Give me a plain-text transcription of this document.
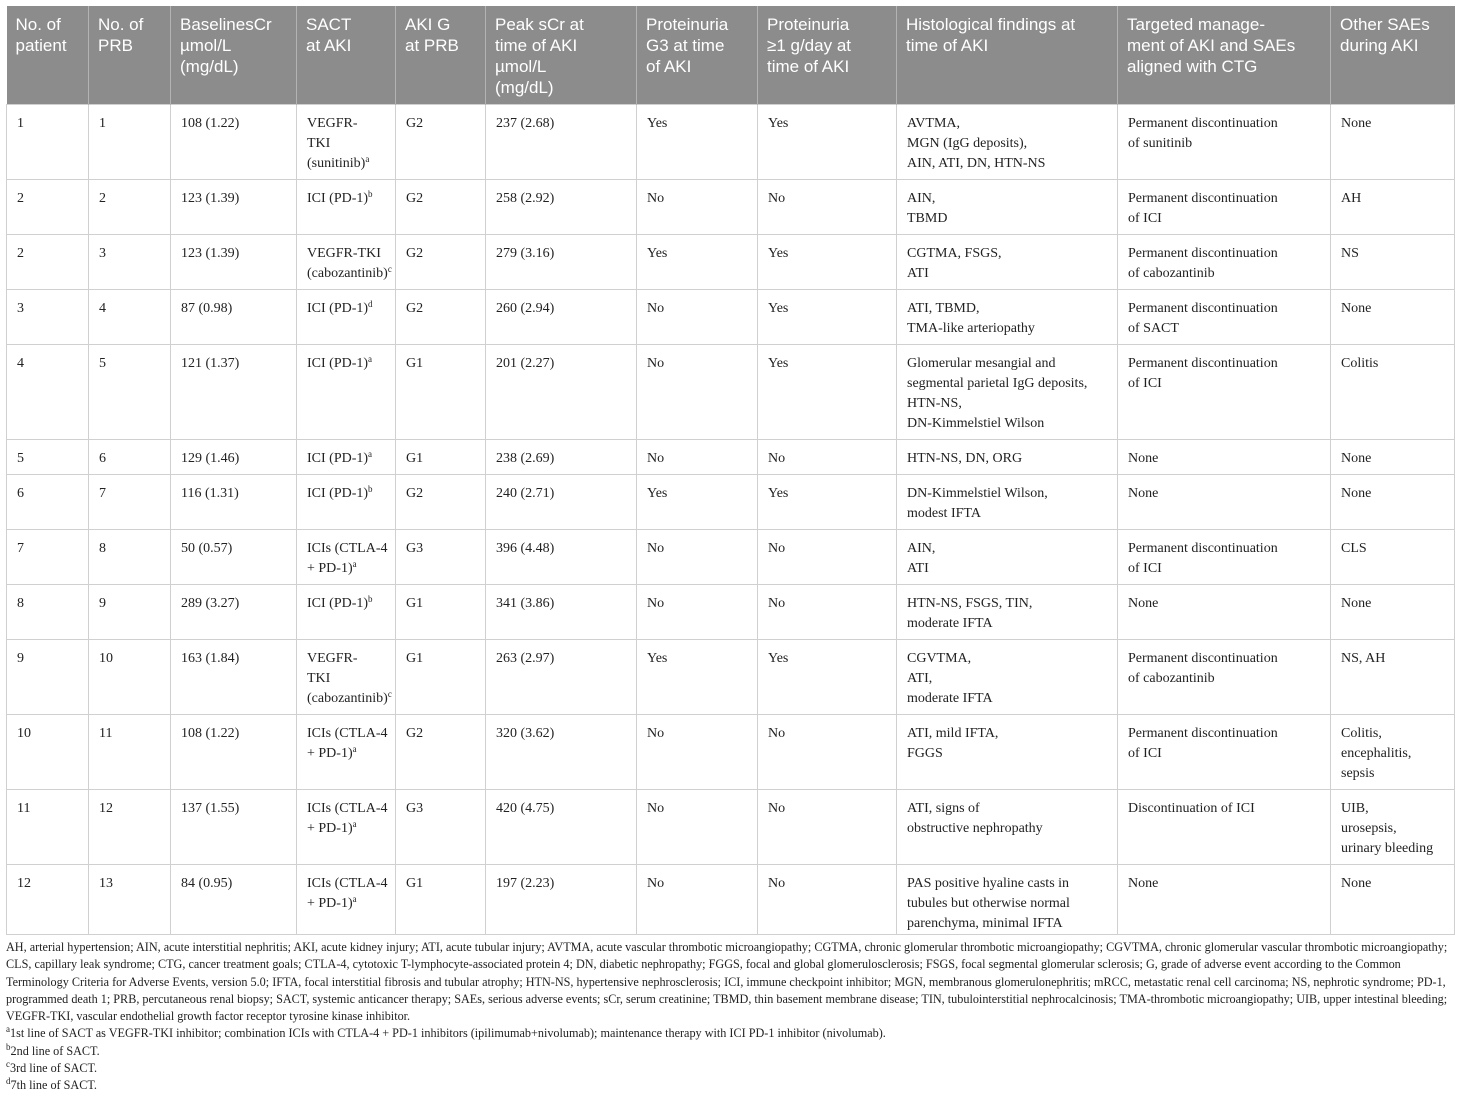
No. of
patient	No. of
PRB	BaselinesCr
µmol/L
(mg/dL)	SACT
at AKI	AKI G
at PRB	Peak sCr at
time of AKI
µmol/L
(mg/dL)	Proteinuria
G3 at time
of AKI	Proteinuria
≥1 g/day at
time of AKI	Histological findings at
time of AKI	Targeted manage-
ment of AKI and SAEs
aligned with CTG	Other SAEs
during AKI

1	1	108 (1.22)	VEGFR-
TKI
(sunitinib)$^a$	G2	237 (2.68)	Yes	Yes	AVTMA,
MGN (IgG deposits),
AIN, ATI, DN, HTN-NS	Permanent discontinuation
of sunitinib	None

2	2	123 (1.39)	ICI $(PD-1)^b$	G2	258 (2.92)	No	No	AIN,
TBMD	Permanent discontinuation
of ICI	AH

2	3	123 (1.39)	VEGFR-TKI
(cabozantinib)$^c$	G2	279 (3.16)	Yes	Yes	CGTMA, FSGS,
ATI	Permanent discontinuation
of cabozantinib	NS

3	4	87 (0.98)	ICI $(PD-1)^d$	G2	260 (2.94)	No	Yes	ATI, TBMD,
TMA-like arteriopathy	Permanent discontinuation
of SACT	None

4	5	121 (1.37)	ICI $(PD-1)^a$	G1	201 (2.27)	No	Yes	Glomerular mesangial and
segmental parietal IgG deposits,
HTN-NS,
DN-Kimmelstiel Wilson	Permanent discontinuation
of ICI	Colitis

5	6	129 (1.46)	ICI $(PD-1)^a$	G1	238 (2.69)	No	No	HTN-NS, DN, ORG	None	None

6	7	116 (1.31)	ICI $(PD-1)^b$	G2	240 (2.71)	Yes	Yes	DN-Kimmelstiel Wilson,
modest IFTA	None	None

7	8	50 (0.57)	ICIs (CTLA-4
+ PD-1)$^a$	G3	396 (4.48)	No	No	AIN,
ATI	Permanent discontinuation
of ICI	CLS

8	9	289 (3.27)	ICI $(PD-1)^b$	G1	341 (3.86)	No	No	HTN-NS, FSGS, TIN,
moderate IFTA	None	None

9	10	163 (1.84)	VEGFR-
TKI
(cabozantinib)$^c$	G1	263 (2.97)	Yes	Yes	CGVTMA,
ATI,
moderate IFTA	Permanent discontinuation
of cabozantinib	NS, AH

10	11	108 (1.22)	ICIs (CTLA-4
+ PD-1)$^a$	G2	320 (3.62)	No	No	ATI, mild IFTA,
FGGS	Permanent discontinuation
of ICI	Colitis,
encephalitis,
sepsis

11	12	137 (1.55)	ICIs (CTLA-4
+ PD-1)$^a$	G3	420 (4.75)	No	No	ATI, signs of
obstructive nephropathy	Discontinuation of ICI	UIB,
urosepsis,
urinary bleeding

12	13	84 (0.95)	ICIs (CTLA-4
+ PD-1)$^a$	G1	197 (2.23)	No	No	PAS positive hyaline casts in
tubules but otherwise normal
parenchyma, minimal IFTA	None	None

AH, arterial hypertension; AIN, acute interstitial nephritis; AKI, acute kidney injury; ATI, acute tubular injury; AVTMA, acute vascular thrombotic microangiopathy; CGTMA, chronic glomerular thrombotic microangiopathy; CGVTMA, chronic glomerular vascular thrombotic microangiopathy; CLS, capillary leak syndrome; CTG, cancer treatment goals; CTLA-4, cytotoxic T-lymphocyte-associated protein 4; DN, diabetic nephropathy; FGGS, focal and global glomerulosclerosis; FSGS, focal segmental glomerular sclerosis; G, grade of adverse event according to the Common Terminology Criteria for Adverse Events, version 5.0; IFTA, focal interstitial fibrosis and tubular atrophy; HTN-NS, hypertensive nephrosclerosis; ICI, immune checkpoint inhibitor; MGN, membranous glomerulonephritis; mRCC, metastatic renal cell carcinoma; NS, nephrotic syndrome; PD-1, programmed death 1; PRB, percutaneous renal biopsy; SACT, systemic anticancer therapy; SAEs, serious adverse events; sCr, serum creatinine; TBMD, thin basement membrane disease; TIN, tubulointerstitial nephrocalcinosis; TMA-thrombotic microangiopathy; UIB, upper intestinal bleeding; VEGFR-TKI, vascular endothelial growth factor receptor tyrosine kinase inhibitor.

$^a$1st line of SACT as VEGFR-TKI inhibitor; combination ICIs with CTLA-4 + PD-1 inhibitors (ipilimumab+nivolumab); maintenance therapy with ICI PD-1 inhibitor (nivolumab).

$^b$2nd line of SACT.

$^c$3rd line of SACT.

$^d$7th line of SACT.
